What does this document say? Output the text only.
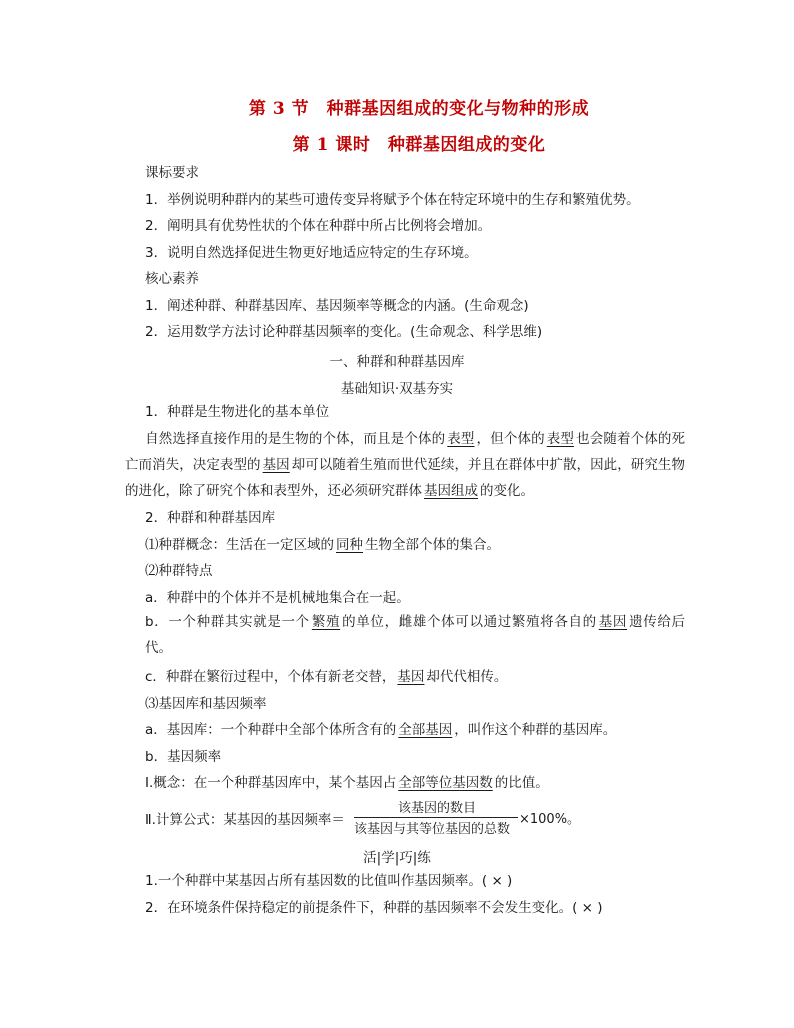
第 3 节　种群基因组成的变化与物种的形成
第 1 课时　种群基因组成的变化
课标要求
1．举例说明种群内的某些可遗传变异将赋予个体在特定环境中的生存和繁殖优势。
2．阐明具有优势性状的个体在种群中所占比例将会增加。
3．说明自然选择促进生物更好地适应特定的生存环境。
核心素养
1．阐述种群、种群基因库、基因频率等概念的内涵。(生命观念)
2．运用数学方法讨论种群基因频率的变化。(生命观念、科学思维)
一、种群和种群基因库
基础知识·双基夯实
1．种群是生物进化的基本单位
自然选择直接作用的是生物的个体，而且是个体的 表型 ，但个体的 表型 也会随着个体的死亡而消失，决定表型的 基因 却可以随着生殖而世代延续，并且在群体中扩散，因此，研究生物的进化，除了研究个体和表型外，还必须研究群体 基因组成 的变化。
2．种群和种群基因库
⑴种群概念：生活在一定区域的 同种 生物全部个体的集合。
⑵种群特点
a．种群中的个体并不是机械地集合在一起。
b．一个种群其实就是一个 繁殖 的单位，雌雄个体可以通过繁殖将各自的 基因 遗传给后代。
c．种群在繁衍过程中，个体有新老交替， 基因 却代代相传。
⑶基因库和基因频率
a．基因库：一个种群中全部个体所含有的 全部基因 ，叫作这个种群的基因库。
b．基因频率
Ⅰ.概念：在一个种群基因库中，某个基因占 全部等位基因数 的比值。
Ⅱ.计算公式：某基因的基因频率＝
该基因的数目
该基因与其等位基因的总数
×100%。
活|学|巧|练
1.一个种群中某基因占所有基因数的比值叫作基因频率。( × )
2．在环境条件保持稳定的前提条件下，种群的基因频率不会发生变化。( × )
